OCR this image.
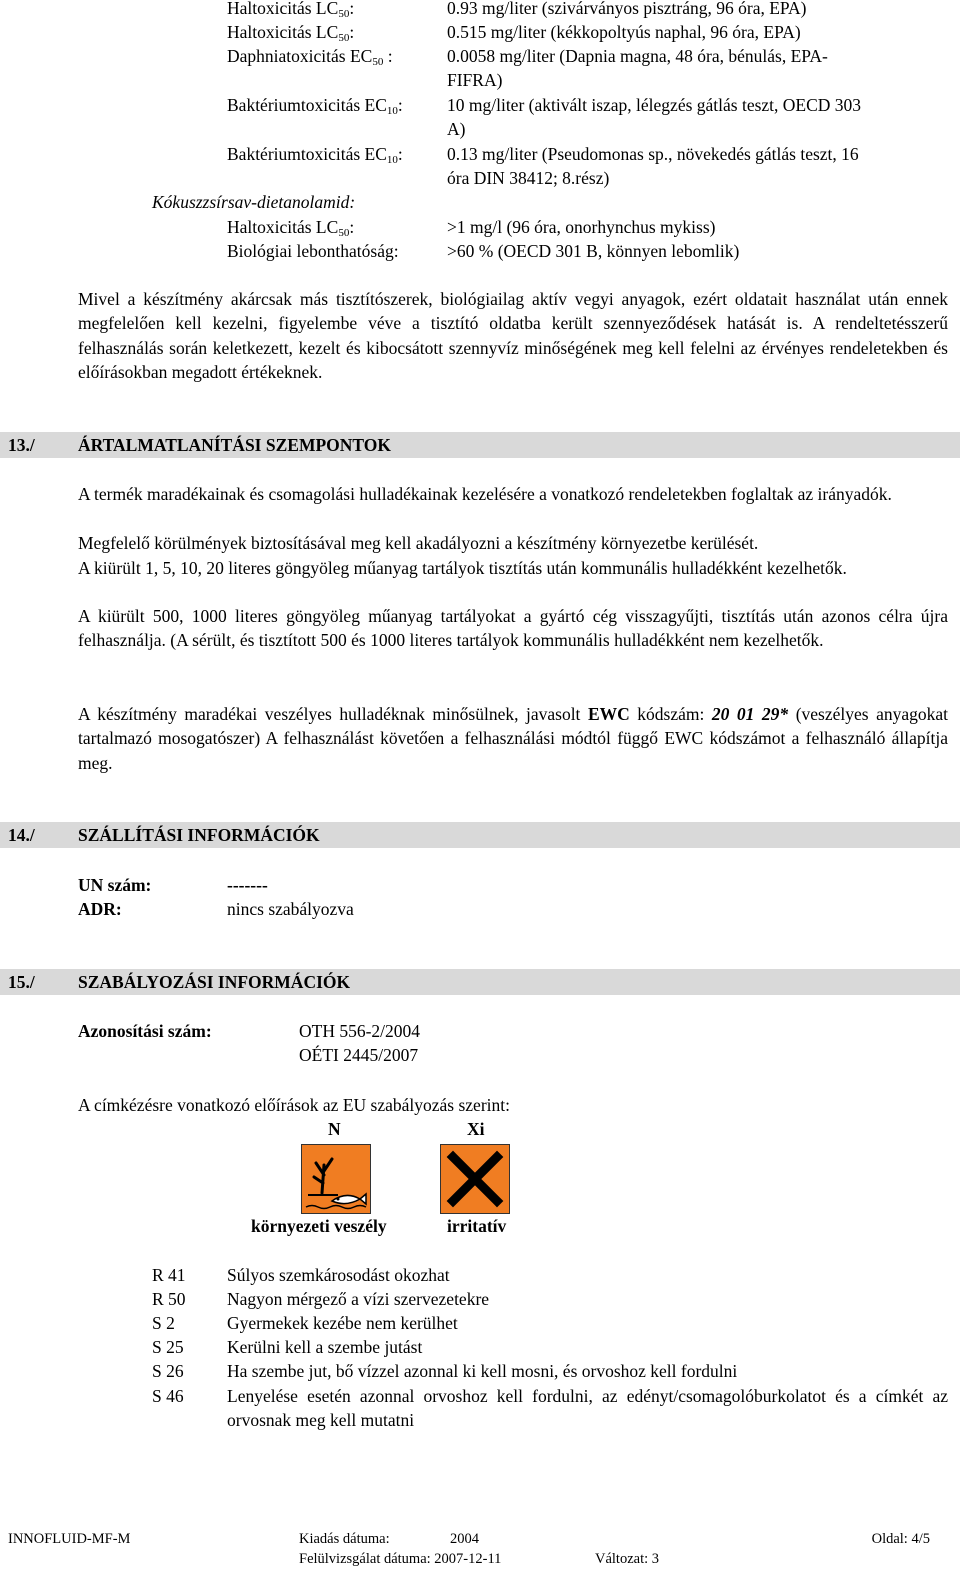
Haltoxicitás $LC_{50}$:	0.93 mg/liter (szivárványos pisztráng, 96 óra, EPA)
Haltoxicitás $LC_{50}$:	0.515 mg/liter (kékkopoltyús naphal, 96 óra, EPA)
Daphniatoxicitás $EC_{50}$ :	0.0058 mg/liter (Dapnia magna, 48 óra, bénulás, EPA-
FIFRA)
Baktériumtoxicitás $EC_{10}$:	10 mg/liter (aktivált iszap, lélegzés gátlás teszt, OECD 303
A)
Baktériumtoxicitás $EC_{10}$:	0.13 mg/liter (Pseudomonas sp., növekedés gátlás teszt, 16
óra DIN 38412; 8.rész)
Kókuszzsírsav-dietanolamid:
Haltoxicitás $LC_{50}$:	>1 mg/l (96 óra, onorhynchus mykiss)
Biológiai lebonthatóság:	>60 % (OECD 301 B, könnyen lebomlik)
Mivel a készítmény akárcsak más tisztítószerek, biológiailag aktív vegyi anyagok, ezért oldatait használat után ennek megfelelően kell kezelni, figyelembe véve a tisztító oldatba került szennyeződések hatását is. A rendeltetésszerű felhasználás során keletkezett, kezelt és kibocsátott szennyvíz minőségének meg kell felelni az érvényes rendeletekben és előírásokban megadott értékeknek.
13./ ÁRTALMATLANÍTÁSI SZEMPONTOK
A termék maradékainak és csomagolási hulladékainak kezelésére a vonatkozó rendeletekben foglaltak az irányadók.
Megfelelő körülmények biztosításával meg kell akadályozni a készítmény környezetbe kerülését.
A kiürült 1, 5, 10, 20 literes göngyöleg műanyag tartályok tisztítás után kommunális hulladékként kezelhetők.
A kiürült 500, 1000 literes göngyöleg műanyag tartályokat a gyártó cég visszagyűjti, tisztítás után azonos célra újra felhasználja. (A sérült, és tisztított 500 és 1000 literes tartályok kommunális hulladékként nem kezelhetők.
A készítmény maradékai veszélyes hulladéknak minősülnek, javasolt EWC kódszám: 20 01 29* (veszélyes anyagokat tartalmazó mosogatószer) A felhasználást követően a felhasználási módtól függő EWC kódszámot a felhasználó állapítja meg.
14./ SZÁLLÍTÁSI INFORMÁCIÓK
UN szám:	-------
ADR:	nincs szabályozva
15./ SZABÁLYOZÁSI INFORMÁCIÓK
Azonosítási szám:	OTH 556-2/2004
OÉTI 2445/2007
A címkézésre vonatkozó előírások az EU szabályozás szerint:
N	Xi
környezeti veszély	irritatív
R 41 Súlyos szemkárosodást okozhat
R 50 Nagyon mérgező a vízi szervezetekre
S 2	Gyermekek kezébe nem kerülhet
S 25 Kerülni kell a szembe jutást
S 26 Ha szembe jut, bő vízzel azonnal ki kell mosni, és orvoshoz kell fordulni
S 46 Lenyelése esetén azonnal orvoshoz kell fordulni, az edényt/csomagolóburkolatot és a címkét az orvosnak meg kell mutatni
INNOFLUID-MF-M	Kiadás dátuma:	2004	Oldal: 4/5
Felülvizsgálat dátuma: 2007-12-11	Változat: 3
